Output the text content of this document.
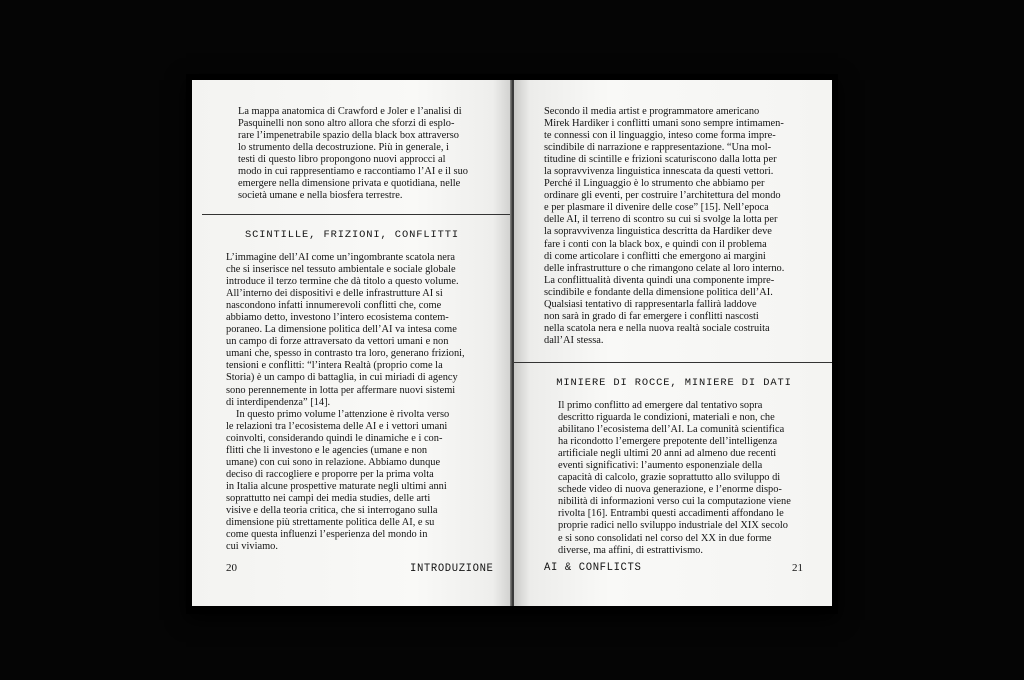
La mappa anatomica di Crawford e Joler e l’analisi di
Pasquinelli non sono altro allora che sforzi di esplo-
rare l’impenetrabile spazio della black box attraverso
lo strumento della decostruzione. Più in generale, i
testi di questo libro propongono nuovi approcci al
modo in cui rappresentiamo e raccontiamo l’AI e il suo
emergere nella dimensione privata e quotidiana, nelle
società umane e nella biosfera terrestre.

SCINTILLE, FRIZIONI, CONFLITTI

L’immagine dell’AI come un’ingombrante scatola nera
che si inserisce nel tessuto ambientale e sociale globale
introduce il terzo termine che dà titolo a questo volume.
All’interno dei dispositivi e delle infrastrutture AI si
nascondono infatti innumerevoli conflitti che, come
abbiamo detto, investono l’intero ecosistema contem-
poraneo. La dimensione politica dell’AI va intesa come
un campo di forze attraversato da vettori umani e non
umani che, spesso in contrasto tra loro, generano frizioni,
tensioni e conflitti: “l’intera Realtà (proprio come la
Storia) è un campo di battaglia, in cui miriadi di agency
sono perennemente in lotta per affermare nuovi sistemi
di interdipendenza” [14].

In questo primo volume l’attenzione è rivolta verso
le relazioni tra l’ecosistema delle AI e i vettori umani
coinvolti, considerando quindi le dinamiche e i con-
flitti che li investono e le agencies (umane e non
umane) con cui sono in relazione. Abbiamo dunque
deciso di raccogliere e proporre per la prima volta
in Italia alcune prospettive maturate negli ultimi anni
soprattutto nei campi dei media studies, delle arti
visive e della teoria critica, che si interrogano sulla
dimensione più strettamente politica delle AI, e su
come questa influenzi l’esperienza del mondo in
cui viviamo.

20	INTRODUZIONE

Secondo il media artist e programmatore americano
Mirek Hardiker i conflitti umani sono sempre intimamen-
te connessi con il linguaggio, inteso come forma impre-
scindibile di narrazione e rappresentazione. “Una mol-
titudine di scintille e frizioni scaturiscono dalla lotta per
la sopravvivenza linguistica innescata da questi vettori.
Perché il Linguaggio è lo strumento che abbiamo per
ordinare gli eventi, per costruire l’architettura del mondo
e per plasmare il divenire delle cose” [15]. Nell’epoca
delle AI, il terreno di scontro su cui si svolge la lotta per
la sopravvivenza linguistica descritta da Hardiker deve
fare i conti con la black box, e quindi con il problema
di come articolare i conflitti che emergono ai margini
delle infrastrutture o che rimangono celate al loro interno.
La conflittualità diventa quindi una componente impre-
scindibile e fondante della dimensione politica dell’AI.
Qualsiasi tentativo di rappresentarla fallirà laddove
non sarà in grado di far emergere i conflitti nascosti
nella scatola nera e nella nuova realtà sociale costruita
dall’AI stessa.

MINIERE DI ROCCE, MINIERE DI DATI

Il primo conflitto ad emergere dal tentativo sopra
descritto riguarda le condizioni, materiali e non, che
abilitano l’ecosistema dell’AI. La comunità scientifica
ha ricondotto l’emergere prepotente dell’intelligenza
artificiale negli ultimi 20 anni ad almeno due recenti
eventi significativi: l’aumento esponenziale della
capacità di calcolo, grazie soprattutto allo sviluppo di
schede video di nuova generazione, e l’enorme dispo-
nibilità di informazioni verso cui la computazione viene
rivolta [16]. Entrambi questi accadimenti affondano le
proprie radici nello sviluppo industriale del XIX secolo
e si sono consolidati nel corso del XX in due forme
diverse, ma affini, di estrattivismo.

AI & CONFLICTS	21
